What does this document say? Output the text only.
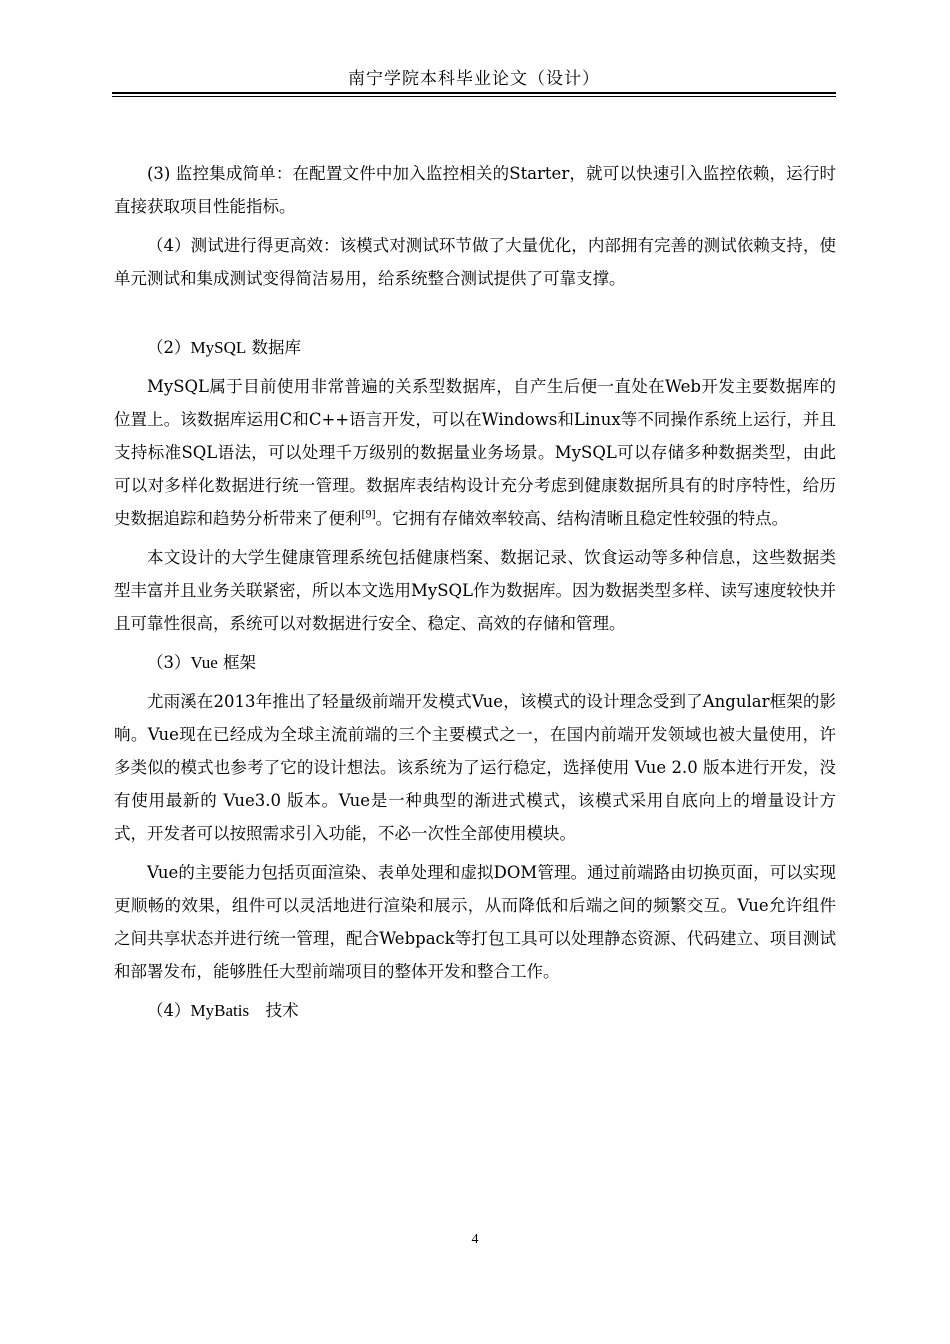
南宁学院本科毕业论文（设计）

(3) 监控集成简单：在配置文件中加入监控相关的Starter，就可以快速引入监控依赖，运行时直接获取项目性能指标。

（4）测试进行得更高效：该模式对测试环节做了大量优化，内部拥有完善的测试依赖支持，使单元测试和集成测试变得简洁易用，给系统整合测试提供了可靠支撑。

（2）MySQL 数据库

MySQL属于目前使用非常普遍的关系型数据库，自产生后便一直处在Web开发主要数据库的位置上。该数据库运用C和C++语言开发，可以在Windows和Linux等不同操作系统上运行，并且支持标准SQL语法，可以处理千万级别的数据量业务场景。MySQL可以存储多种数据类型，由此可以对多样化数据进行统一管理。数据库表结构设计充分考虑到健康数据所具有的时序特性，给历史数据追踪和趋势分析带来了便利[9]。它拥有存储效率较高、结构清晰且稳定性较强的特点。

本文设计的大学生健康管理系统包括健康档案、数据记录、饮食运动等多种信息，这些数据类型丰富并且业务关联紧密，所以本文选用MySQL作为数据库。因为数据类型多样、读写速度较快并且可靠性很高，系统可以对数据进行安全、稳定、高效的存储和管理。

（3）Vue 框架

尤雨溪在2013年推出了轻量级前端开发模式Vue，该模式的设计理念受到了Angular框架的影响。Vue现在已经成为全球主流前端的三个主要模式之一，在国内前端开发领域也被大量使用，许多类似的模式也参考了它的设计想法。该系统为了运行稳定，选择使用 Vue 2.0 版本进行开发，没有使用最新的 Vue3.0 版本。Vue是一种典型的渐进式模式，该模式采用自底向上的增量设计方式，开发者可以按照需求引入功能，不必一次性全部使用模块。

Vue的主要能力包括页面渲染、表单处理和虚拟DOM管理。通过前端路由切换页面，可以实现更顺畅的效果，组件可以灵活地进行渲染和展示，从而降低和后端之间的频繁交互。Vue允许组件之间共享状态并进行统一管理，配合Webpack等打包工具可以处理静态资源、代码建立、项目测试和部署发布，能够胜任大型前端项目的整体开发和整合工作。

（4）MyBatis　技术

4
